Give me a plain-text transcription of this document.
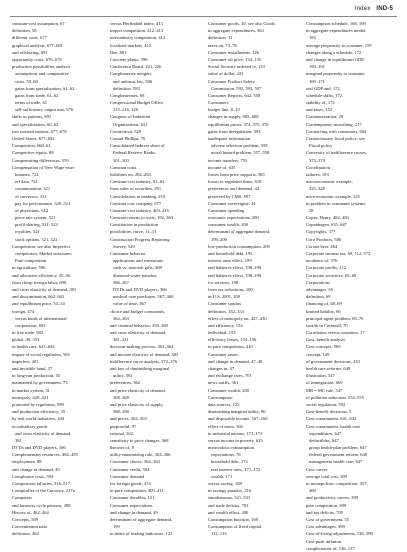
Index IND-5
constant-cost assumption, 67
definition, 58
different costs, 677
graphical analysis, 677–681
and offshoring, 691
opportunity costs, 676–678
production possibilities analysis
assumptions and comparative
costs, 59–60
gains from specialization, 61–62
gains from trade, 61–62
terms of trade, 61
self-sufficiency output mix, 676
shifts in patterns, 691
and specialization, 60–62
two isolated nations, 677–678
United States, 677–682
Competition, 660–61
Competitive equity, 88
Compensating differences, 559
Compensation of New Wage-ester
bonuses, 721
ref data, 721
contamination, 321
of surveyors, 311
pay for performance, 520–521
of physicians, 612
piece rate system, 521
profit sharing, 521, 523
royalties, 521
stock options, 521, 523
Competition; see also Imperfect
competition; Market structures;
Pure competition
in agriculture, 590
and allocative efficiency, 35–36
from cheap foreign labor, 690
and cross elasticity of demand, 381
and discrimination, 662–663
and equilibrium price, 53–54
foreign, 474
versus kinds of international
cooperation, 693
in free trade, 682
global, 49, 353
in health care, 641–644
impact of social regulation, 594
imperfect, 401
and invisible hand, 37
in long-run production, 35
maintained by government, 73
in market system, 31
monopoly, 420–421
promoted by regulation, 599
and production efficiency, 35
by real world industries, 444
in subsidiary goods
and cross elasticity of demand,
381
DVDs and DVD players, 166
Complementary resources, 494–495
employment, 88
and change in demand, 49
Compliance costs, 594
Composition fallacies, 516–517
Comptroller of the Currency, 217n
Computers
and business cycle patterns, 498
History of, 462–464
Concepts, 509
Concentration ratio
definition, 462
versus Herfindahl index, 413
import competition, 412–413
interindustry competition, 412
localized markets, 412
Dee, 601
Concrete plants, 396
Conference Board, 221, 226
Conglomerate mergers
and antitrust law, 586
definition, 583
Conglomerates, 68
Congressional Budget Office,
215–216, 226
Congress of Industrial
Organizations, 631
Connecticut, 529
Conrad Phillips, 76
Consolidated Indexes sheet of
Federal Reserve Banks,
301–303
Constant costs
liabilities on, 262–263
Constant-cost industry, 61–62
from sales of securities, 291
Consolidation in banking, 210
Constant cost company, 677
Constant-cost industry, 403, 415
Constant returns to scale, 192, 363
Constitution in production
possibilities curve, 11–13
Construction Progress Reporting
Survey, 529
Consumer behavior
applications and extensions
cash vs. noncash gifts, 368
diamond-water paradox,
366–367
DVDs and DVD players, 366
medical care purchases, 367–368
value of time, 367
choice and budget constraints,
362–363
and criminal behavior, 359–369
and cross elasticity of demand,
381–311
decision-making process, 363–364
and income elasticity of demand, 383
indifference curve analysis, 372–376
and law of diminishing marginal
utility, 361
preferences, 362
and price elasticity of demand,
368–369
and price elasticity of supply,
388–390
and prices, 362–363
purposeful, 97
rational, 362
sensitivity to price changes, 368
theories of, 8
utility-maximizing rule, 363–366
Consumer choice, 362–363
Consumer credit, 594
Consumer demand
for foreign goods, 474
in pure competition, 409–411
Consumer durables, 121
Consumer expectations
and change in demand, 49
determinant of aggregate demand,
199
in index of leading indicators, 121
Consumer goods, 10; see also Goods
in aggregate expenditures, 363
definition, 11
taxes on, 73–78
Consumer installments, 126
Consumer oil price, 134–135
Social Security indexed to, 119
value of dollar, 223
Consumer Product Safety
Commission, 592, 593, 597
Consumer Reports, 642, 558
Consumers
budget line, 8–10
changes in supply, 605–608
equilibrium prices, 374–375, 376
gains from deregulation, 593
inadequate information
adverse selection problem, 558
moral hazard problem, 557–558
income transfers, 753
income of, 635
losses from price supports, 565
losses to regulated firms, 618
preferences and demand, 44
protected by CMS, 597
Consumer sovereignty, 34
Consumer spending
economic expectations, 200
consumer wealth, 200
determinant of aggregate demand,
199–200
low-production consumption, 209
and household debt, 195
interest rates effect, 199
real balances effect, 198–199
real balances effect, 198–199
for services, 198
from tax reductions, 100
in U.S. 2001, 200
Consumer surplus
definition, 152–153
effect of monopoly on, 427–430
and efficiency, 154
individual, 153
efficiency losses, 154–156
in pure competition, 410
Consumer tastes
and change in demand, 47–48
changes in, 37
and exchange rates, 701
news tariffs, 361
Consumer wealth, 200
Consumption
data sources, 123
diminishing marginal utility, 96
and disposable income, 167–168
effect of taxes, 166
in industrial nations, 171–173
versus income in poverty, 625
nonrivalous consumption
expectations, 76
household debt, 172
real interest rates, 171–172
wealth, 171
versus saving, 168
in savings paradox, 216
simultaneous, 521–531
and trade deficits, 703
and wealth effect, 200
Consumption function, 168
Consumption of fixed capital,
112–113
Consumption schedule, 168, 169
in aggregate expenditures model,
183
average propensity to consume, 159
changes along a schedule, 172
and change in equilibrium GDP,
190–191
marginal propensity to consume,
169–171
real GDP and, 172
schedule shifts, 172
stability of, 172
and taxes, 152
Containerization, 29
Contemporary smoothing, 217
Contracting with consumers, 602
Contractionary fiscal policy; see
Fiscal policy
Convexity of indifference curves,
373–374
Coordination
failures, 183
macroeconomic example,
325–326
microeconomic example, 325
in problem in command systems,
38
Copes, Henry, 482–483
Copenhagen, 635, 647
Copyrights, 377
Corn Products, 586
Corona beer, 464
Corporate income tax, 69, 112, 572
incidence of, 576
Corporate profits, 112
Corporate securities, 65–68
Corporations
advantages, 65
definition, 69
financing of, 68–69
limited liability, 66
principal-agent problem, 69–70
wealth in Cornwall, 70
Correlation versus causation, 17
Cost–benefit analysis
Cost concepts, 569
concept, 149
of government decisions, 410
health care reforms, 648
illustration, 547
of immigration, 669
MB = MC rule, 547
of pollution reduction, 554–555
social regulation, 592
Cost-benefit decisions, 5
Cost containment, 641–643
Cost containment, health care
expenditures, 647
deductibles, 647
group health-plan problem, 647
federal government reform, 648
management health care, 647
Cost curves
average total cost, 389
in monopolistic competition, 457,
460
and productivity curves, 399
pure competition, 389
and tax deficits, 709
Cost of government, 55
Cost advantages, 399
Cost-of-living adjustments, 136, 599
Cost-push inflation
complications of, 136–137
